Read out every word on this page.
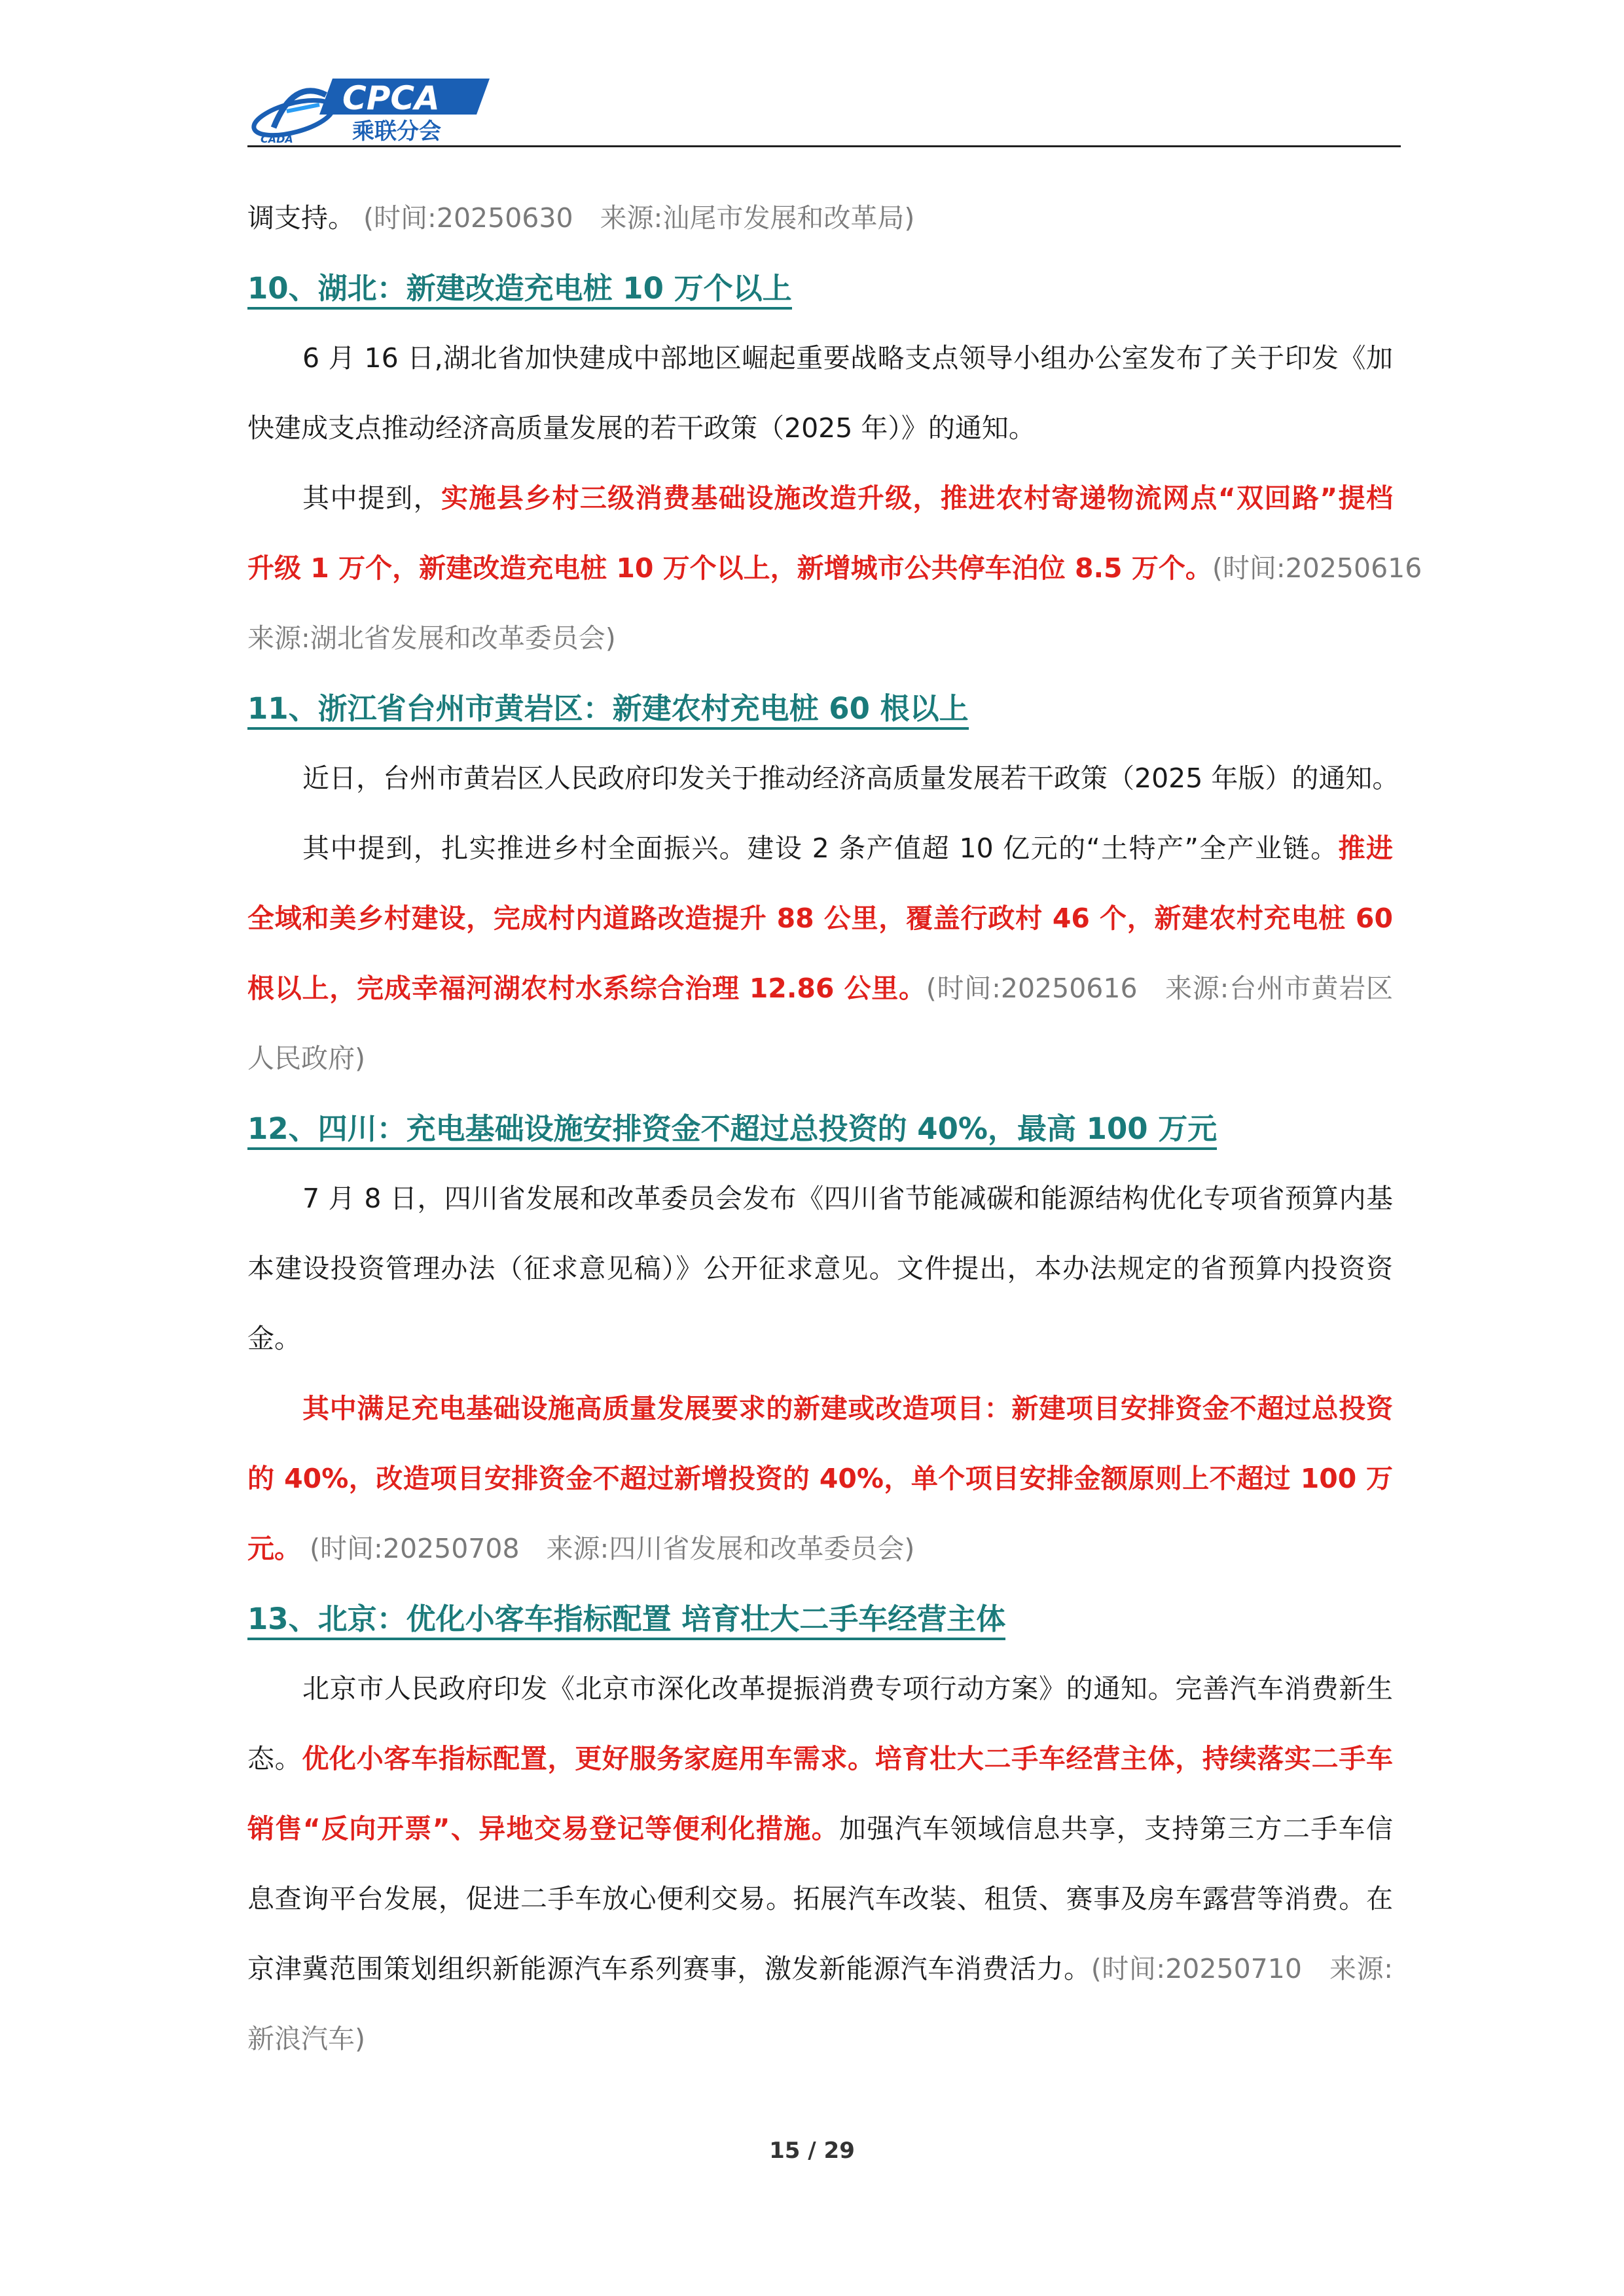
CPCA
乘联分会
CADA
调支持。 (时间:20250630　来源:汕尾市发展和改革局)
10、湖北：新建改造充电桩 10 万个以上
6 月 16 日,湖北省加快建成中部地区崛起重要战略支点领导小组办公室发布了关于印发《加
快建成支点推动经济高质量发展的若干政策（2025 年）》的通知。
其中提到，实施县乡村三级消费基础设施改造升级，推进农村寄递物流网点“双回路”提档
升级 1 万个，新建改造充电桩 10 万个以上，新增城市公共停车泊位 8.5 万个。(时间:20250616
来源:湖北省发展和改革委员会)
11、浙江省台州市黄岩区：新建农村充电桩 60 根以上
近日，台州市黄岩区人民政府印发关于推动经济高质量发展若干政策（2025 年版）的通知。
其中提到，扎实推进乡村全面振兴。建设 2 条产值超 10 亿元的“土特产”全产业链。推进
全域和美乡村建设，完成村内道路改造提升 88 公里，覆盖行政村 46 个，新建农村充电桩 60
根以上，完成幸福河湖农村水系综合治理 12.86 公里。(时间:20250616　来源:台州市黄岩区
人民政府)
12、四川：充电基础设施安排资金不超过总投资的 40%，最高 100 万元
7 月 8 日，四川省发展和改革委员会发布《四川省节能减碳和能源结构优化专项省预算内基
本建设投资管理办法（征求意见稿）》公开征求意见。文件提出，本办法规定的省预算内投资资
金。
其中满足充电基础设施高质量发展要求的新建或改造项目：新建项目安排资金不超过总投资
的 40%，改造项目安排资金不超过新增投资的 40%，单个项目安排金额原则上不超过 100 万
元。 (时间:20250708　来源:四川省发展和改革委员会)
13、北京：优化小客车指标配置 培育壮大二手车经营主体
北京市人民政府印发《北京市深化改革提振消费专项行动方案》的通知。完善汽车消费新生
态。优化小客车指标配置，更好服务家庭用车需求。培育壮大二手车经营主体，持续落实二手车
销售“反向开票”、异地交易登记等便利化措施。加强汽车领域信息共享，支持第三方二手车信
息查询平台发展，促进二手车放心便利交易。拓展汽车改装、租赁、赛事及房车露营等消费。在
京津冀范围策划组织新能源汽车系列赛事，激发新能源汽车消费活力。(时间:20250710　来源:
新浪汽车)
15 / 29
